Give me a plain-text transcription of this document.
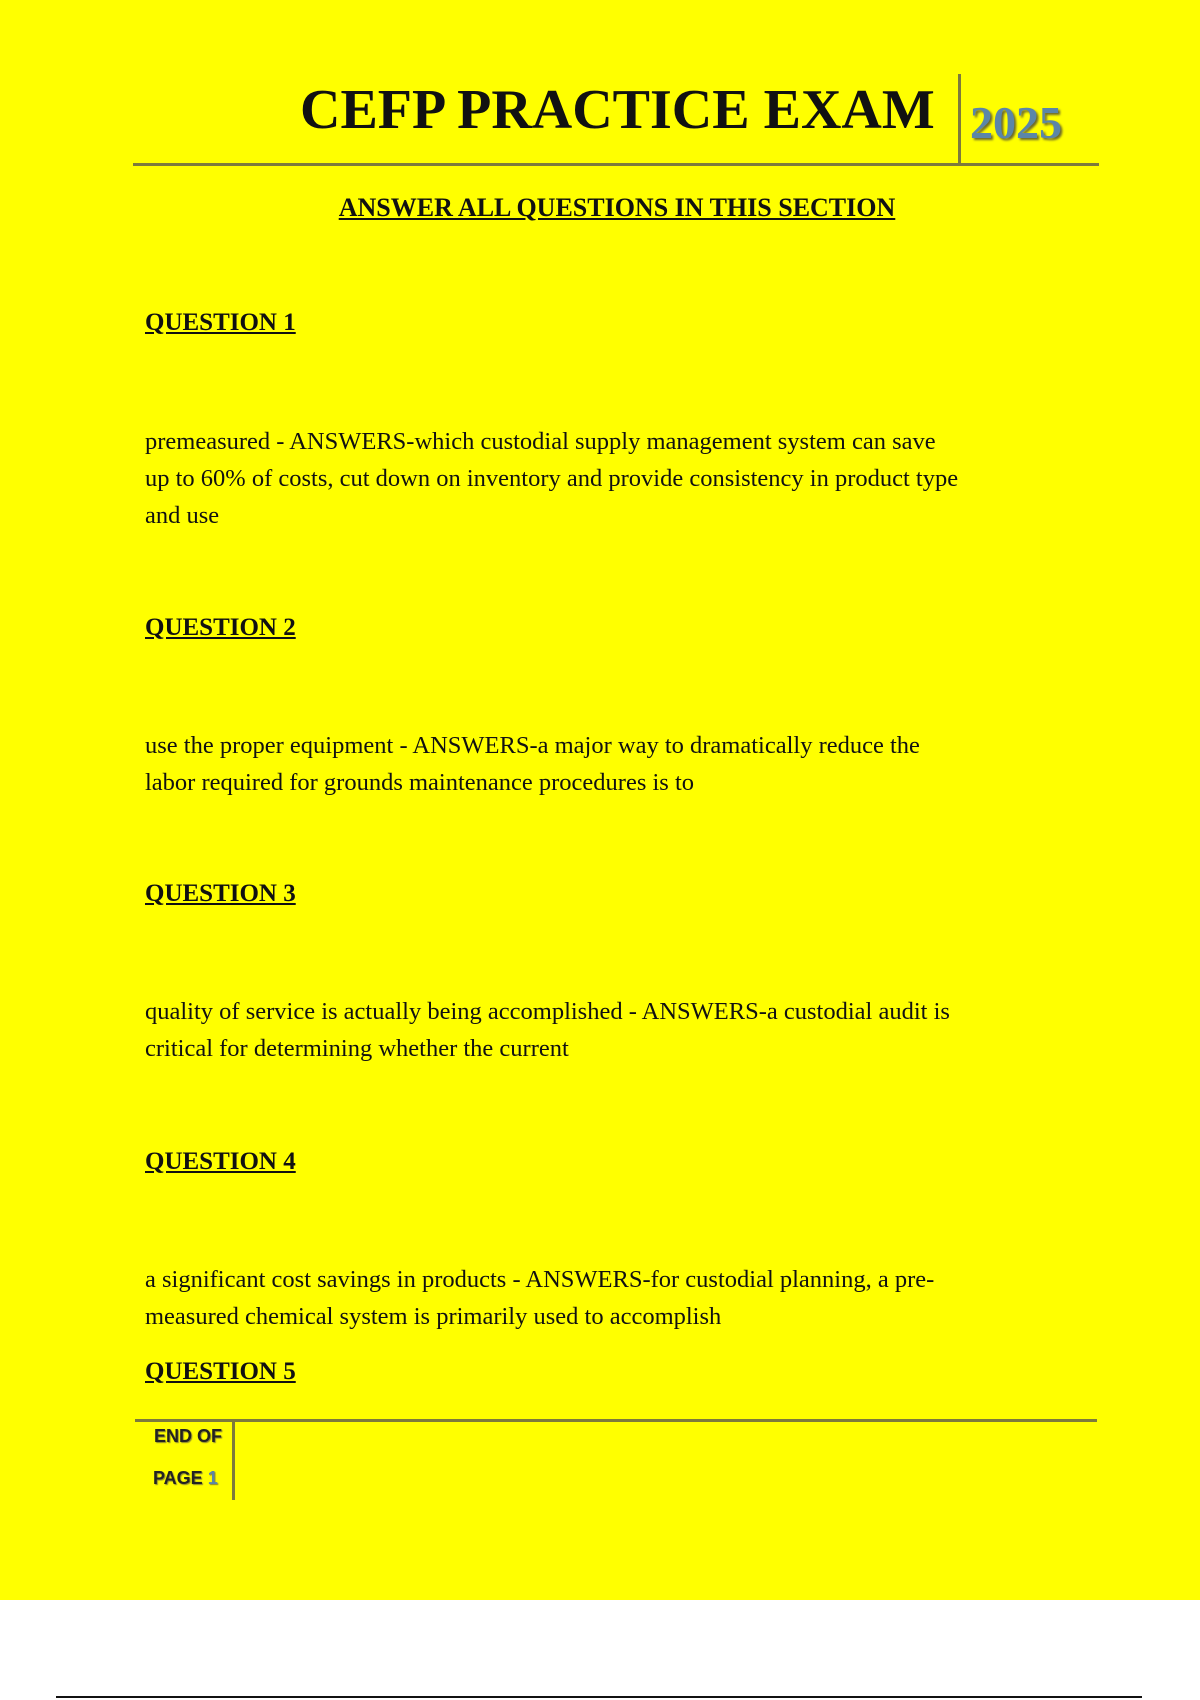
CEFP PRACTICE EXAM 2025
ANSWER ALL QUESTIONS IN THIS SECTION
QUESTION 1
premeasured - ANSWERS-which custodial supply management system can save
up to 60% of costs, cut down on inventory and provide consistency in product type
and use
QUESTION 2
use the proper equipment - ANSWERS-a major way to dramatically reduce the
labor required for grounds maintenance procedures is to
QUESTION 3
quality of service is actually being accomplished - ANSWERS-a custodial audit is
critical for determining whether the current
QUESTION 4
a significant cost savings in products - ANSWERS-for custodial planning, a pre-
measured chemical system is primarily used to accomplish
QUESTION 5
END OF
PAGE 1
